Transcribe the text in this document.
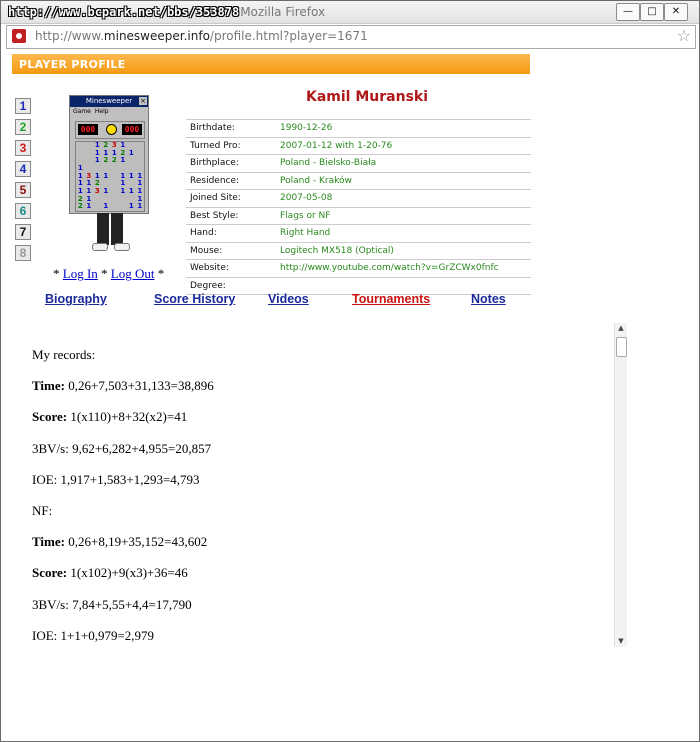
http://www.bcpark.net/bbs/353878Mozilla Firefox	—	□	✕
http://www.minesweeper.info/profile.html?player=1671	☆
PLAYER PROFILE
1
2
3
4
5
6
7
8
Minesweeper	×
Game Help
000	000
1 2 3 1
1 1 1 2 1
1 2 2 1
1
1 3 1 1 1 1 1
1 1 2	1 1
1 1 3 1 1 1 1
2 1	1
2 1 1	1 1
* Log In * Log Out *
Kamil Muranski
Birthdate:	1990-12-26
Turned Pro:	2007-01-12 with 1-20-76
Birthplace:	Poland - Bielsko-Biała
Residence:	Poland - Kraków
Joined Site:	2007-05-08
Best Style:	Flags or NF
Hand:	Right Hand
Mouse:	Logitech MX518 (Optical)
Website:	http://www.youtube.com/watch?v=GrZCWx0fnfc
Degree:	
Biography	Score History	Videos	Tournaments	Notes
My records:
Time: 0,26+7,503+31,133=38,896
Score: 1(x110)+8+32(x2)=41
3BV/s: 9,62+6,282+4,955=20,857
IOE: 1,917+1,583+1,293=4,793
NF:
Time: 0,26+8,19+35,152=43,602
Score: 1(x102)+9(x3)+36=46
3BV/s: 7,84+5,55+4,4=17,790
IOE: 1+1+0,979=2,979
▲
▼
